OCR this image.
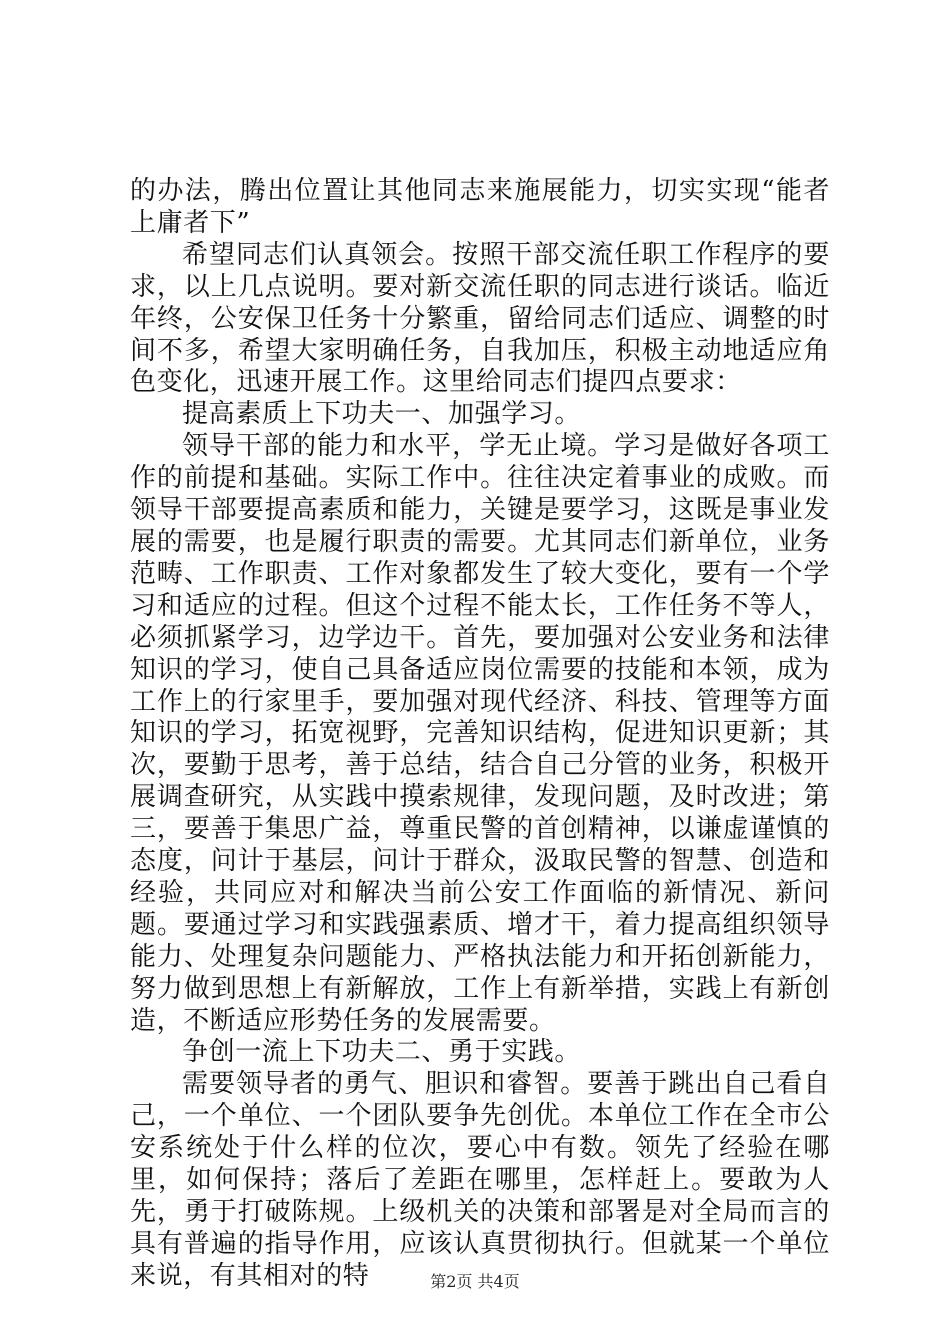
的办法，腾出位置让其他同志来施展能力，切实实现“能者上庸者下”

希望同志们认真领会。按照干部交流任职工作程序的要求，以上几点说明。要对新交流任职的同志进行谈话。临近年终，公安保卫任务十分繁重，留给同志们适应、调整的时间不多，希望大家明确任务，自我加压，积极主动地适应角色变化，迅速开展工作。这里给同志们提四点要求：

提高素质上下功夫一、加强学习。

领导干部的能力和水平，学无止境。学习是做好各项工作的前提和基础。实际工作中。往往决定着事业的成败。而领导干部要提高素质和能力，关键是要学习，这既是事业发展的需要，也是履行职责的需要。尤其同志们新单位，业务范畴、工作职责、工作对象都发生了较大变化，要有一个学习和适应的过程。但这个过程不能太长，工作任务不等人，必须抓紧学习，边学边干。首先，要加强对公安业务和法律知识的学习，使自己具备适应岗位需要的技能和本领，成为工作上的行家里手，要加强对现代经济、科技、管理等方面知识的学习，拓宽视野，完善知识结构，促进知识更新；其次，要勤于思考，善于总结，结合自己分管的业务，积极开展调查研究，从实践中摸索规律，发现问题，及时改进；第三，要善于集思广益，尊重民警的首创精神，以谦虚谨慎的态度，问计于基层，问计于群众，汲取民警的智慧、创造和经验，共同应对和解决当前公安工作面临的新情况、新问题。要通过学习和实践强素质、增才干，着力提高组织领导能力、处理复杂问题能力、严格执法能力和开拓创新能力，努力做到思想上有新解放，工作上有新举措，实践上有新创造，不断适应形势任务的发展需要。

争创一流上下功夫二、勇于实践。

需要领导者的勇气、胆识和睿智。要善于跳出自己看自己，一个单位、一个团队要争先创优。本单位工作在全市公安系统处于什么样的位次，要心中有数。领先了经验在哪里，如何保持；落后了差距在哪里，怎样赶上。要敢为人先，勇于打破陈规。上级机关的决策和部署是对全局而言的具有普遍的指导作用，应该认真贯彻执行。但就某一个单位来说，有其相对的特	第2页 共4页
